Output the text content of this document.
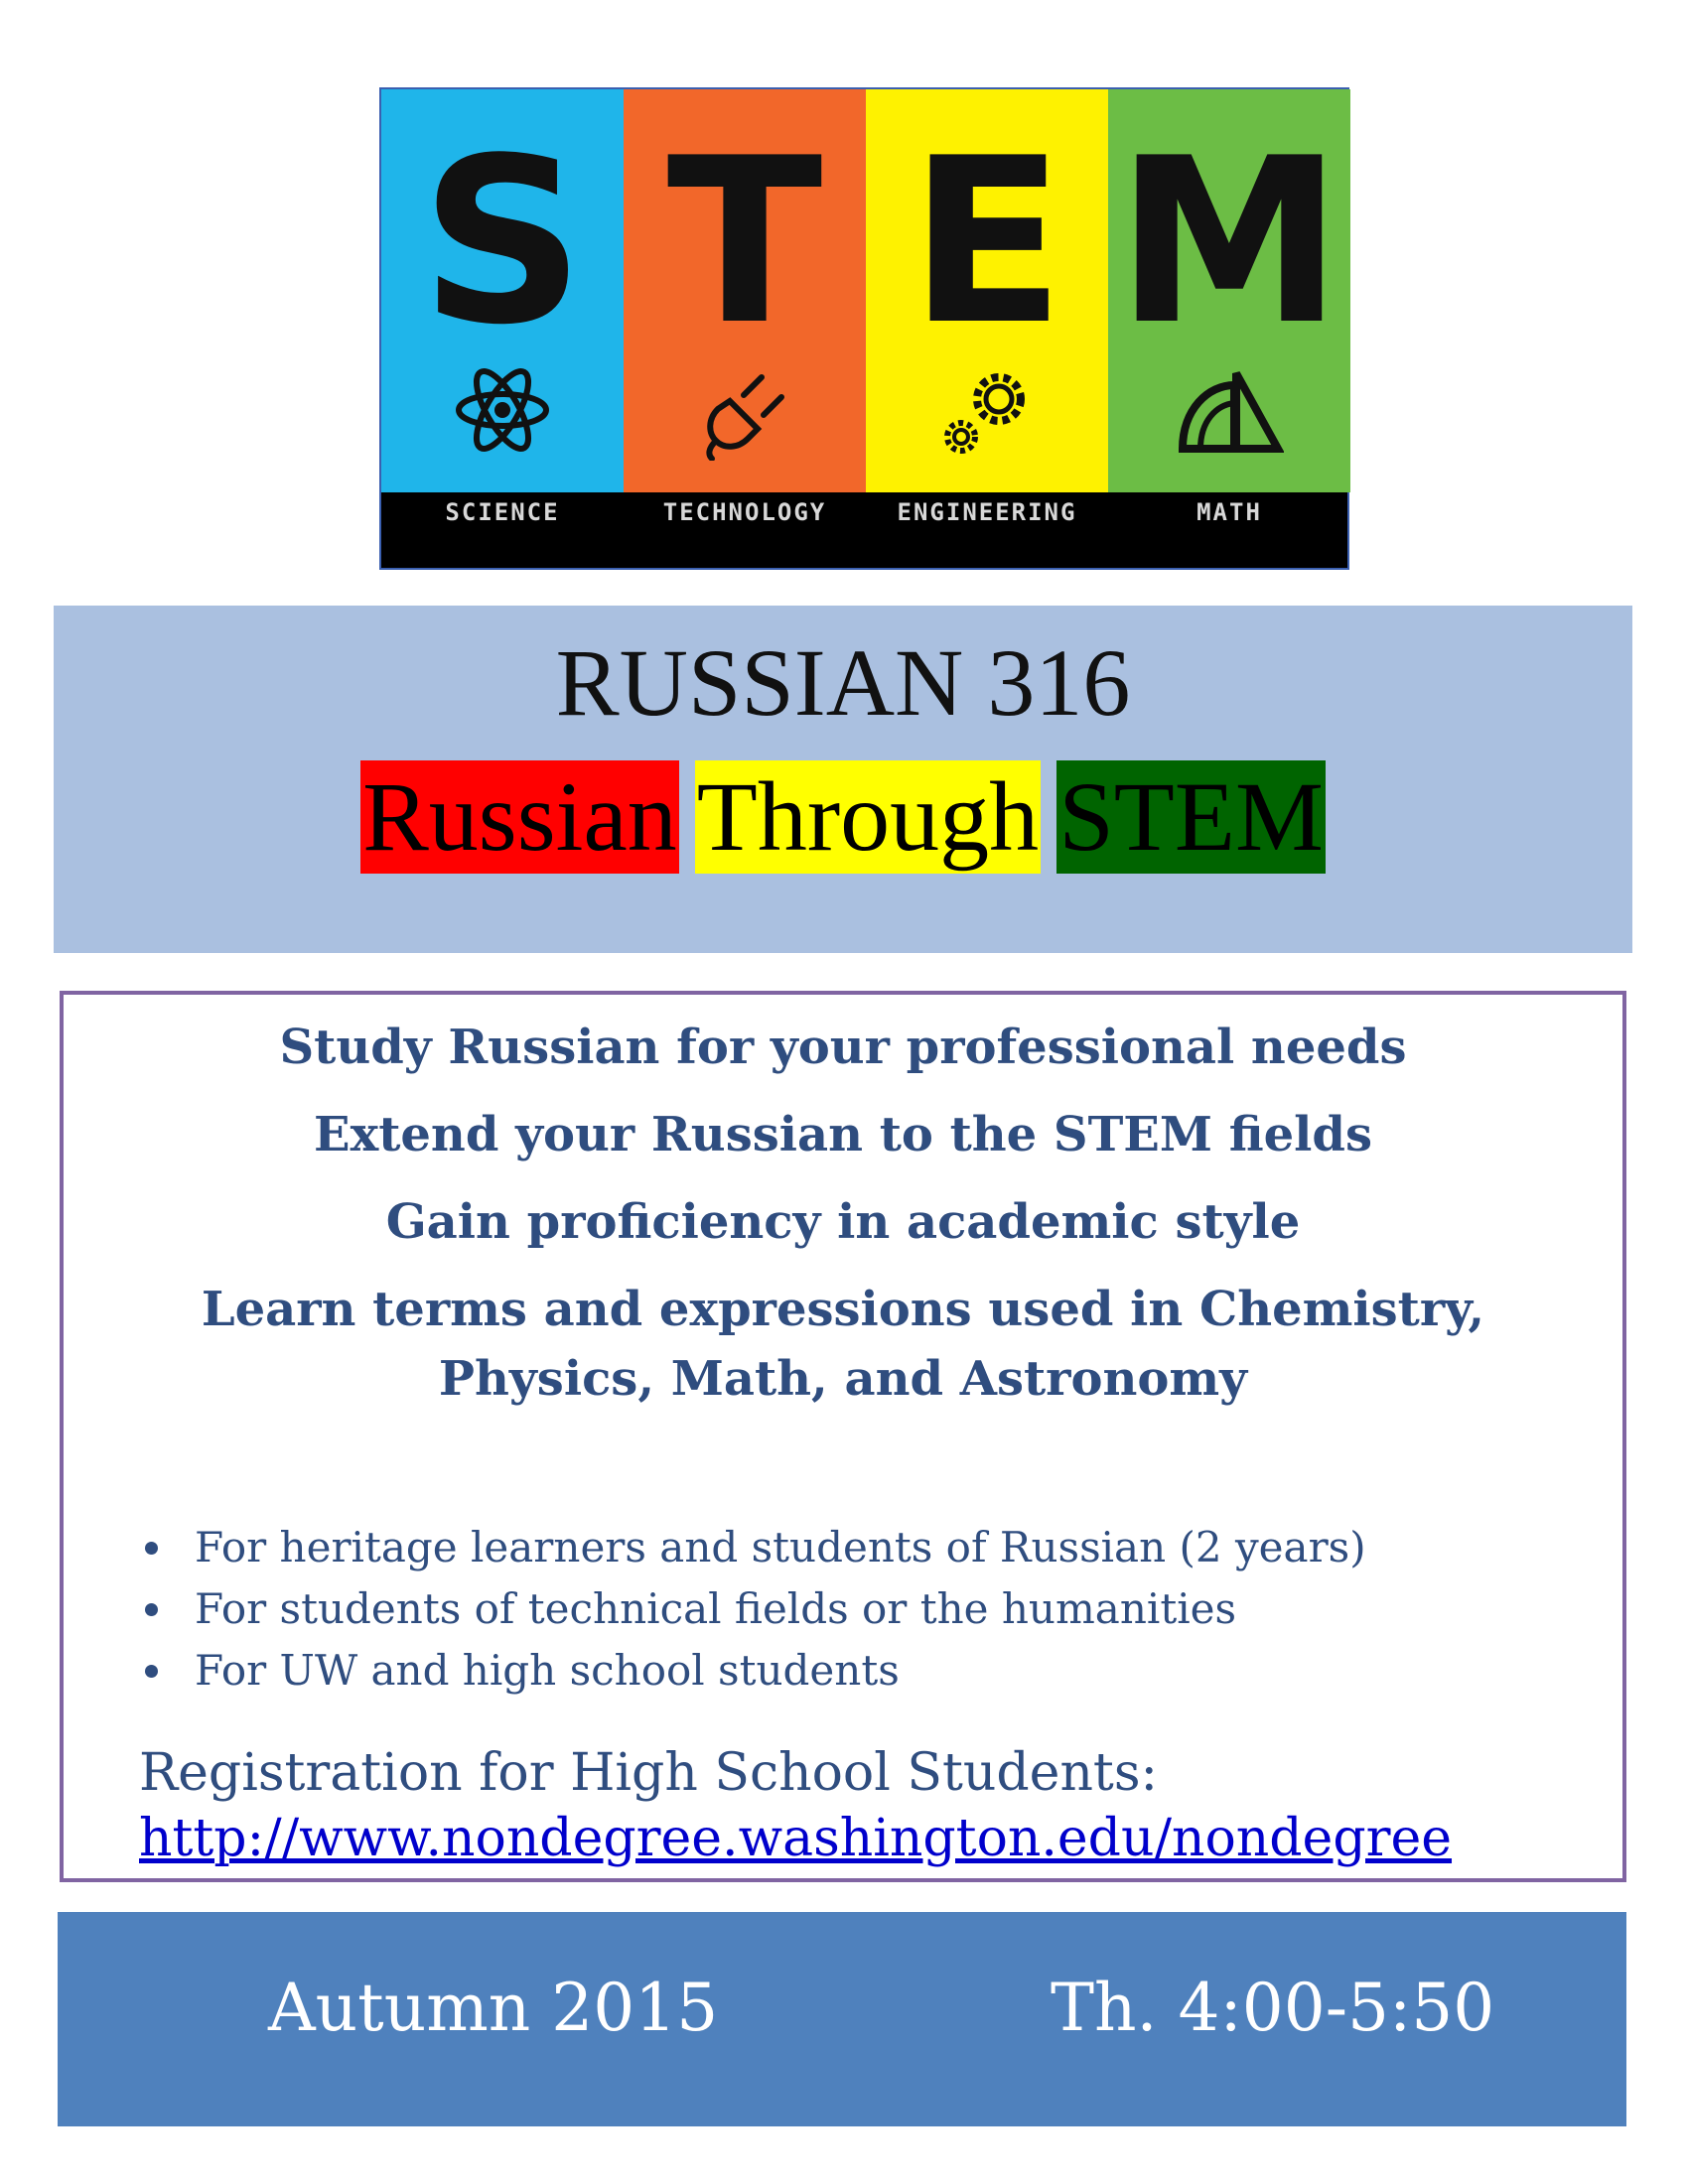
S T E M
SCIENCE	TECHNOLOGY	ENGINEERING	MATH
RUSSIAN 316
Russian Through STEM
Study Russian for your professional needs
Extend your Russian to the STEM fields
Gain proficiency in academic style
Learn terms and expressions used in Chemistry,
Physics, Math, and Astronomy
For heritage learners and students of Russian (2 years)
For students of technical fields or the humanities
For UW and high school students
Registration for High School Students:
http://www.nondegree.washington.edu/nondegree
Autumn 2015	Th. 4:00-5:50
